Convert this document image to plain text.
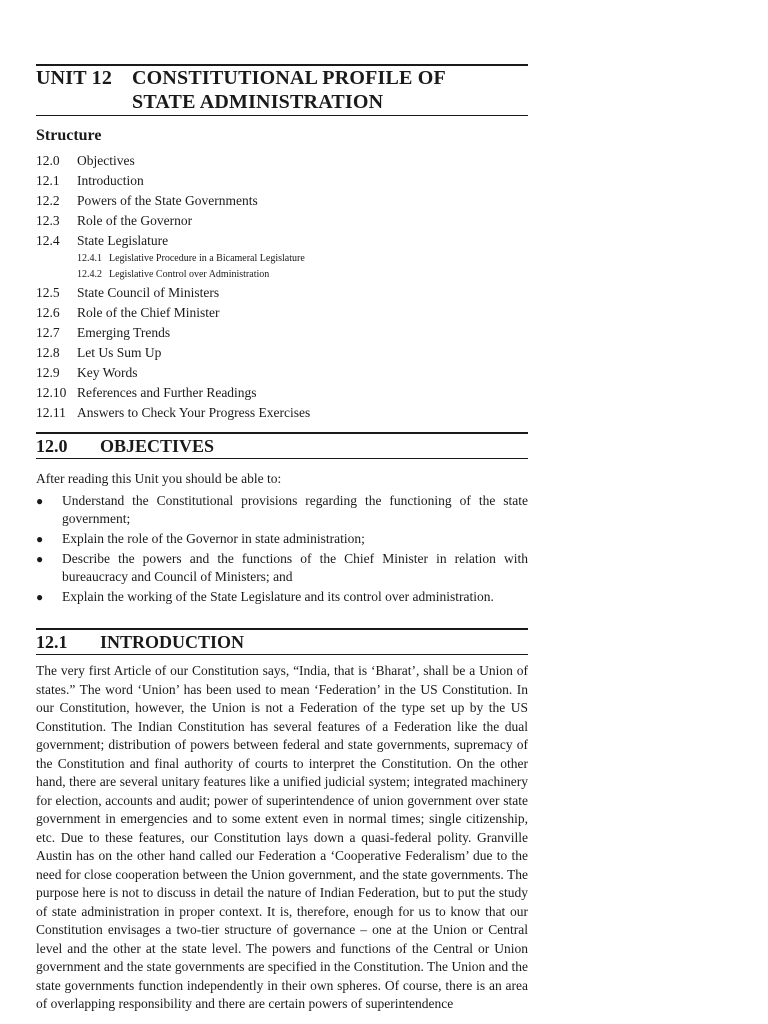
UNIT 12 CONSTITUTIONAL PROFILE OF
STATE ADMINISTRATION
Structure
12.0	Objectives
12.1	Introduction
12.2	Powers of the State Governments
12.3	Role of the Governor
12.4	State Legislature
12.4.1 Legislative Procedure in a Bicameral Legislature
12.4.2 Legislative Control over Administration
12.5	State Council of Ministers
12.6	Role of the Chief Minister
12.7	Emerging Trends
12.8	Let Us Sum Up
12.9	Key Words
12.10 References and Further Readings
12.11 Answers to Check Your Progress Exercises
12.0	OBJECTIVES
After reading this Unit you should be able to:
●	Understand the Constitutional provisions regarding the functioning of the state government;
●	Explain the role of the Governor in state administration;
●	Describe the powers and the functions of the Chief Minister in relation with bureaucracy and Council of Ministers; and
●	Explain the working of the State Legislature and its control over administration.
12.1	INTRODUCTION

The very first Article of our Constitution says, “India, that is ‘Bharat’, shall be a Union of states.” The word ‘Union’ has been used to mean ‘Federation’ in the US Constitution. In our Constitution, however, the Union is not a Federation of the type set up by the US Constitution. The Indian Constitution has several features of a Federation like the dual government; distribution of powers between federal and state governments, supremacy of the Constitution and final authority of courts to interpret the Constitution. On the other hand, there are several unitary features like a unified judicial system; integrated machinery for election, accounts and audit; power of superintendence of union government over state government in emergencies and to some extent even in normal times; single citizenship, etc. Due to these features, our Constitution lays down a quasi-federal polity. Granville Austin has on the other hand called our Federation a ‘Cooperative Federalism’ due to the need for close cooperation between the Union government, and the state governments. The purpose here is not to discuss in detail the nature of Indian Federation, but to put the study of state administration in proper context. It is, therefore, enough for us to know that our Constitution envisages a two-tier structure of governance – one at the Union or Central level and the other at the state level. The powers and functions of the Central or Union government and the state governments are specified in the Constitution. The Union and the state governments function independently in their own spheres. Of course, there is an area of overlapping responsibility and there are certain powers of superintendence
